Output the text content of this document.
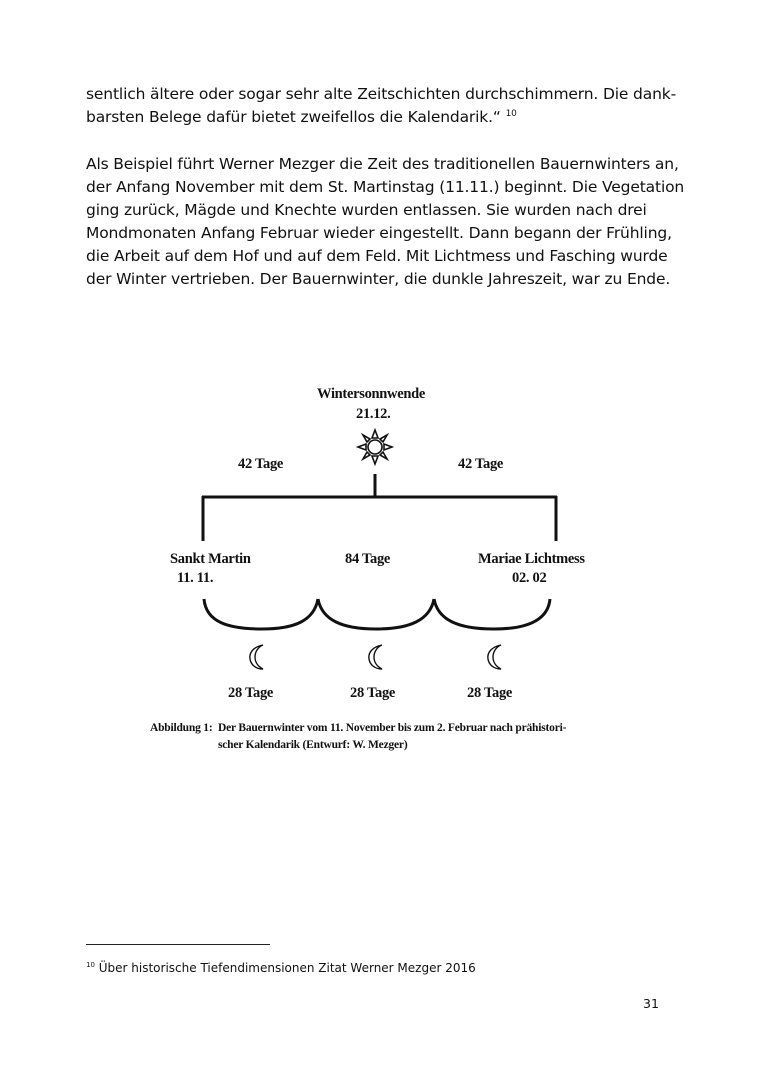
sentlich ältere oder sogar sehr alte Zeitschichten durchschimmern. Die dank-
barsten Belege dafür bietet zweifellos die Kalendarik.“ $^{10}$

Als Beispiel führt Werner Mezger die Zeit des traditionellen Bauernwinters an,
der Anfang November mit dem St. Martinstag (11.11.) beginnt. Die Vegetation
ging zurück, Mägde und Knechte wurden entlassen. Sie wurden nach drei
Mondmonaten Anfang Februar wieder eingestellt. Dann begann der Frühling,
die Arbeit auf dem Hof und auf dem Feld. Mit Lichtmess und Fasching wurde
der Winter vertrieben. Der Bauernwinter, die dunkle Jahreszeit, war zu Ende.

Wintersonnwende
21.12.
42 Tage	42 Tage
Sankt Martin
11. 11.
84 Tage	Mariae Lichtmess
02. 02
28 Tage	28 Tage	28 Tage
Abbildung 1: Der Bauernwinter vom 11. November bis zum 2. Februar nach prähistori-
scher Kalendarik (Entwurf: W. Mezger)
$^{10}$ Über historische Tiefendimensionen Zitat Werner Mezger 2016
31
